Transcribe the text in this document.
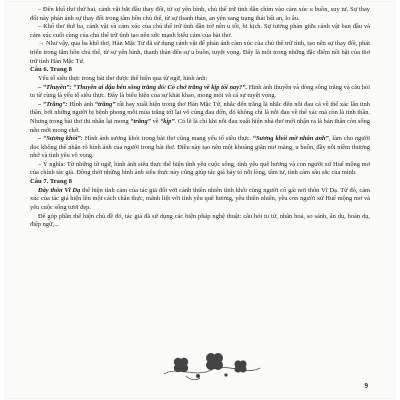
– Đến khổ thơ thứ hai, cảnh vật bắt đầu thay đổi, từ sự yên bình, chủ thể trữ tình dần chìm vào cảm xúc u buồn, suy tư. Sự thay đổi này phản ánh sự thay đổi trong tâm hồn chủ thể, từ sự thanh thản, an yên sang trạng thái bất an, lo âu.

– Khổ thơ thứ ba, cảnh vật và cảm xúc của chủ thể trữ tình dần trở nên u tối, bi kịch. Sự tương phản giữa cảnh vật ban đầu và cảm xúc cuối cùng của chủ thể trữ tình tạo nên sức mạnh biểu cảm của bài thơ.

→ Như vậy, qua ba khổ thơ, Hàn Mặc Tử đã sử dụng cảnh vật để phản ánh cảm xúc của chủ thể trữ tình, tạo nên sự thay đổi, phát triển trong tâm hồn chủ thể, từ sự yên bình, thanh thản đến sự u buồn, tuyệt vọng. Đây là một trong những đặc điểm nổi bật của thơ trữ tình Hàn Mặc Tử.

Câu 6. Trang 8

Yếu tố siêu thực trong bài thơ được thể hiện qua từ ngữ, hình ảnh:

– “Thuyền”: “Thuyền ai đậu bến sông trăng đó/ Có chở trăng về kịp tối nay?”. Hình ảnh thuyền và dòng sông trăng và câu hỏi tu từ cùng là yếu tố siêu thực. Đây là biểu hiện của sự khát khao, mong mỏi và cả sự tuyệt vọng.

– “Trăng”: Hình ảnh “trăng” rất hay xuất hiện trong thơ Hàn Mặc Tử, nhắc đến trăng là nhắc đến nỗi đau cả về thể xác lẫn tinh thần, bởi những người bị bệnh phong mỗi mùa trăng tới lại vô cùng đau đớn, đó không chỉ là nỗi đau về thể xác mà còn là tinh thần. Nhưng trong bài thơ thi nhân lại mong “trăng” về “kịp”. Có lẽ là chỉ khi nỗi đau xuất hiện nhà thơ mới nhận ra là bản thân còn sống nên mới mong chờ.

– “Sương khói”: Hình ảnh sương khói trong bài thơ cũng mang yếu tố siêu thực. “Sương khói mờ nhân ảnh”, làm cho người đọc không thể nhận rõ hình ảnh của người trong bài thơ. Điều này tạo nên một khoảng giãn mơ màng, u buồn, đầy nỗi niềm thương nhớ và tình yêu vô vọng.

– Ý nghĩa: Từ những từ ngữ, hình ảnh siêu thực thể hiện tình yêu cuộc sống, tình yêu quê hương và con người xứ Huế mộng mơ của chính tác giả. Đồng thời những hình ảnh siêu thực này cũng giúp tác giả bày tỏ nỗi lòng, tâm tư, tình cảm sâu sắc của mình.

Câu 7. Trang 8

Đây thôn Vĩ Dạ thể hiện tình cảm của tác giả đối với cảnh thiên nhiên tĩnh khôi cùng người cô gái nơi thôn Vĩ Dạ. Từ đó, cảm xúc của tác giả hiện lên một cách chân thực, mãnh liệt với tình yêu quê hương, yêu thiên nhiên, yêu con người xứ Huế mộng mơ và yêu cuộc sống tươi đẹp.

Để góp phần thể hiện chủ đề đó, tác giả đã sử dụng các biện pháp nghệ thuật: câu hỏi tu từ, nhân hoá, so sánh, ẩn dụ, hoán dụ, điệp ngữ,...

9
